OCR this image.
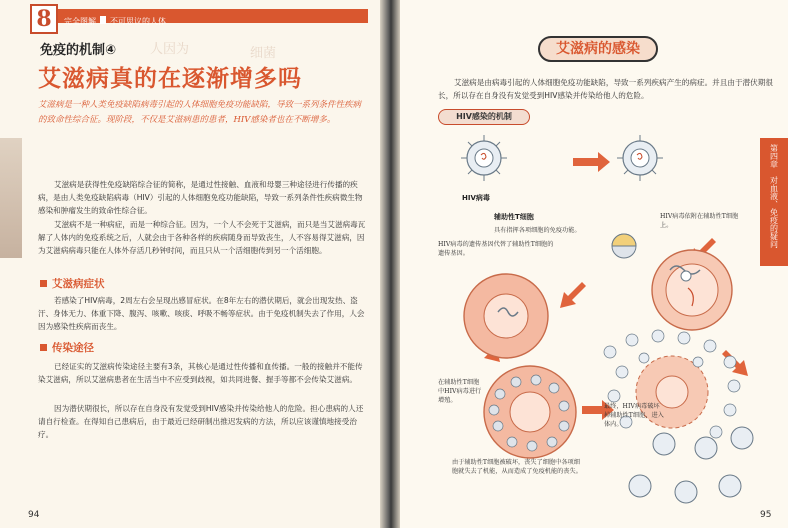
8	完全图解 不可思议的人体
人因为	细菌
免疫的机制④
艾滋病真的在逐渐增多吗
艾滋病是一种人类免疫缺陷病毒引起的人体细胞免疫功能缺陷，导致一系列条件性疾病的致命性综合征。现阶段，不仅是艾滋病患的患者，HIV感染者也在不断增多。
艾滋病是获得性免疫缺陷综合征的简称，是通过性接触、血液和母婴三种途径进行传播的疾病，是由人类免疫缺陷病毒（HIV）引起的人体细胞免疫功能缺陷，导致一系列条件性疾病微生物感染和肿瘤发生的致命性综合征。
艾滋病不是一种病症，而是一种综合征。因为，一个人不会死于艾滋病，而只是当艾滋病毒瓦解了人体内的免疫系统之后，人就会由于各种各样的疾病随身而导致丧生，人不容易得艾滋病，因为艾滋病病毒只能在人体外存活几秒钟时间，而且只从一个活细胞传到另一个活细胞。
艾滋病症状
若感染了HIV病毒，2周左右会呈现出感冒症状。在8年左右的潜伏期后，就会出现发热、盗汗、身体无力、体重下降、腹泻、咳嗽、咳痰、呼吸不畅等症状。由于免疫机制失去了作用，人会因为感染性疾病而丧生。
传染途径
已经证实的艾滋病传染途径主要有3条，其核心是通过性传播和血传播。一般的接触并不能传染艾滋病，所以艾滋病患者在生活当中不应受到歧视，如共同进餐、握手等都不会传染艾滋病。
因为潜伏期很长，所以存在自身没有发觉受到HIV感染并传染给他人的危险。担心患病的人还请自行检查。在得知自己患病后，由于最近已经研制出推迟发病的方法，所以应该谨慎地接受治疗。
94
艾滋病的感染
艾滋病是由病毒引起的人体细胞免疫功能缺陷，导致一系列疾病产生的病症。并且由于潜伏期很长，所以存在自身没有发觉受到HIV感染并传染给他人的危险。
HIV感染的机制
HIV病毒
辅助性T细胞
具有指挥各项细胞的免疫功能。
HIV病毒依附在辅助性T细胞上。
HIV病毒的遗传基因代替了辅助性T细胞的遗传基因。
在辅助性T细胞中HIV病毒进行增殖。
最终，HIV病毒破坏掉辅助性T细胞，进入体内。
由于辅助性T细胞被破坏，丧失了细胞中各项细胞就失去了机能，从而造成了免疫机能的丧失。
第四章
对血液、免疫的疑问
95
